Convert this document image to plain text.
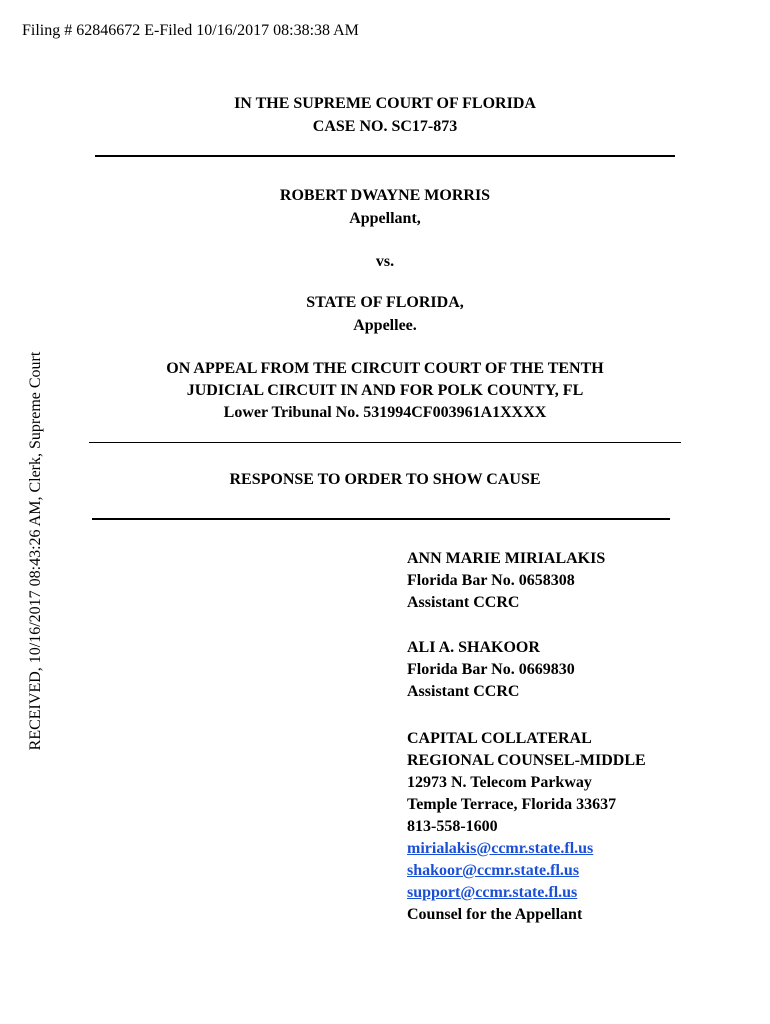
Filing # 62846672 E-Filed 10/16/2017 08:38:38 AM
RECEIVED, 10/16/2017 08:43:26 AM, Clerk, Supreme Court
IN THE SUPREME COURT OF FLORIDA
CASE NO. SC17-873
ROBERT DWAYNE MORRIS
Appellant,
vs.
STATE OF FLORIDA,
Appellee.
ON APPEAL FROM THE CIRCUIT COURT OF THE TENTH
JUDICIAL CIRCUIT IN AND FOR POLK COUNTY, FL
Lower Tribunal No. 531994CF003961A1XXXX
RESPONSE TO ORDER TO SHOW CAUSE
ANN MARIE MIRIALAKIS
Florida Bar No. 0658308
Assistant CCRC
ALI A. SHAKOOR
Florida Bar No. 0669830
Assistant CCRC
CAPITAL COLLATERAL
REGIONAL COUNSEL-MIDDLE
12973 N. Telecom Parkway
Temple Terrace, Florida 33637
813-558-1600
mirialakis@ccmr.state.fl.us
shakoor@ccmr.state.fl.us
support@ccmr.state.fl.us
Counsel for the Appellant
